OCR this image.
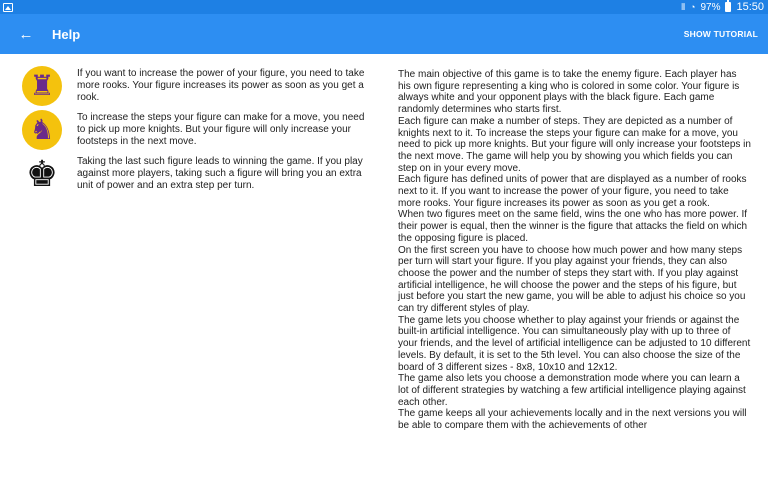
⫴ ◔ 97% 15:50
← Help	SHOW TUTORIAL
♜	If you want to increase the power of your figure, you need to take more rooks. Your figure increases its power as soon as you get a rook.
♞	To increase the steps your figure can make for a move, you need to pick up more knights. But your figure will only increase your footsteps in the next move.
♚	Taking the last such figure leads to winning the game. If you play against more players, taking such a figure will bring you an extra unit of power and an extra step per turn.

The main objective of this game is to take the enemy figure. Each player has his own figure representing a king who is colored in some color. Your figure is always white and your opponent plays with the black figure. Each game randomly determines who starts first.

Each figure can make a number of steps. They are depicted as a number of knights next to it. To increase the steps your figure can make for a move, you need to pick up more knights. But your figure will only increase your footsteps in the next move. The game will help you by showing you which fields you can step on in your every move.

Each figure has defined units of power that are displayed as a number of rooks next to it. If you want to increase the power of your figure, you need to take more rooks. Your figure increases its power as soon as you get a rook.

When two figures meet on the same field, wins the one who has more power. If their power is equal, then the winner is the figure that attacks the field on which the opposing figure is placed.

On the first screen you have to choose how much power and how many steps per turn will start your figure. If you play against your friends, they can also choose the power and the number of steps they start with. If you play against artificial intelligence, he will choose the power and the steps of his figure, but just before you start the new game, you will be able to adjust his choice so you can try different styles of play.

The game lets you choose whether to play against your friends or against the built-in artificial intelligence. You can simultaneously play with up to three of your friends, and the level of artificial intelligence can be adjusted to 10 different levels. By default, it is set to the 5th level. You can also choose the size of the board of 3 different sizes - 8x8, 10x10 and 12x12.

The game also lets you choose a demonstration mode where you can learn a lot of different strategies by watching a few artificial intelligence playing against each other.

The game keeps all your achievements locally and in the next versions you will be able to compare them with the achievements of other
